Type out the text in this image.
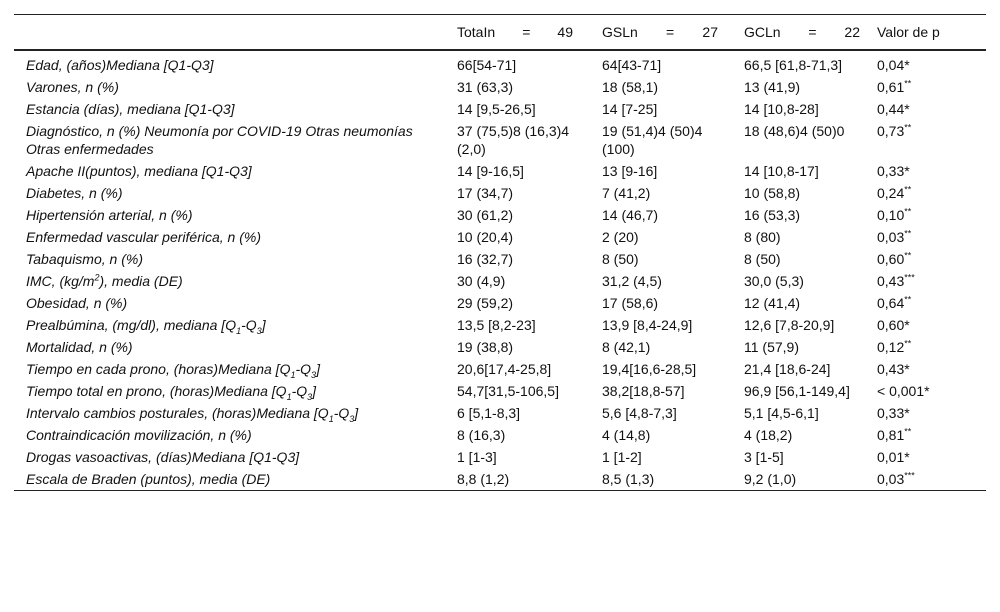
	TotaIn = 49	GSLn = 27	GCLn = 22	Valor de p
Edad, (años)Mediana [Q1-Q3]	66[54-71]	64[43-71]	66,5 [61,8-71,3]	0,04*
Varones, n (%)	31 (63,3)	18 (58,1)	13 (41,9)	0,61**
Estancia (días), mediana [Q1-Q3]	14 [9,5-26,5]	14 [7-25]	14 [10,8-28]	0,44*
Diagnóstico, n (%) Neumonía por COVID-19 Otras neumonías Otras enfermedades	37 (75,5)8 (16,3)4 (2,0)	19 (51,4)4 (50)4 (100)	18 (48,6)4 (50)0	0,73**
Apache II(puntos), mediana [Q1-Q3]	14 [9-16,5]	13 [9-16]	14 [10,8-17]	0,33*
Diabetes, n (%)	17 (34,7)	7 (41,2)	10 (58,8)	0,24**
Hipertensión arterial, n (%)	30 (61,2)	14 (46,7)	16 (53,3)	0,10**
Enfermedad vascular periférica, n (%)	10 (20,4)	2 (20)	8 (80)	0,03**
Tabaquismo, n (%)	16 (32,7)	8 (50)	8 (50)	0,60**
IMC, $(kg/m^2)$, media (DE)	30 (4,9)	31,2 (4,5)	30,0 (5,3)	0,43***
Obesidad, n (%)	29 (59,2)	17 (58,6)	12 (41,4)	0,64**
Prealbúmina, (mg/dl), mediana $[Q_1-Q_3]$	13,5 [8,2-23]	13,9 [8,4-24,9]	12,6 [7,8-20,9]	0,60*
Mortalidad, n (%)	19 (38,8)	8 (42,1)	11 (57,9)	0,12**
Tiempo en cada prono, (horas)Mediana $[Q_1-Q_3]$	20,6[17,4-25,8]	19,4[16,6-28,5]	21,4 [18,6-24]	0,43*
Tiempo total en prono, (horas)Mediana $[Q_1-Q_3]$	54,7[31,5-106,5]	38,2[18,8-57]	96,9 [56,1-149,4]	< 0,001*
Intervalo cambios posturales, (horas)Mediana $[Q_1-Q_3]$	6 [5,1-8,3]	5,6 [4,8-7,3]	5,1 [4,5-6,1]	0,33*
Contraindicación movilización, n (%)	8 (16,3)	4 (14,8)	4 (18,2)	0,81**
Drogas vasoactivas, (días)Mediana [Q1-Q3]	1 [1-3]	1 [1-2]	3 [1-5]	0,01*
Escala de Braden (puntos), media (DE)	8,8 (1,2)	8,5 (1,3)	9,2 (1,0)	0,03***
